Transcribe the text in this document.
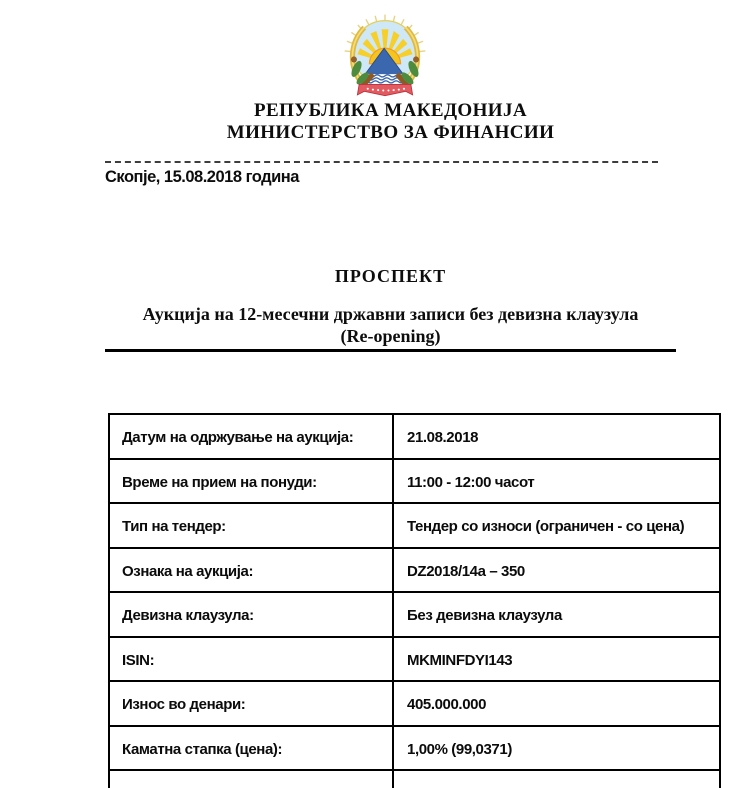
РЕПУБЛИКА МАКЕДОНИЈА
МИНИСТЕРСТВО ЗА ФИНАНСИИ
Скопје, 15.08.2018 година
ПРОСПЕКТ
Аукција на 12-месечни државни записи без девизна клаузула
(Re-opening)
Датум на одржување на аукција:	21.08.2018
Време на прием на понуди:	11:00 - 12:00 часот
Тип на тендер:	Тендер со износи (ограничен - со цена)
Ознака на аукција:	DZ2018/14a – 350
Девизна клаузула:	Без девизна клаузула
ISIN:	MKMINFDYI143
Износ во денари:	405.000.000
Каматна стапка (цена):	1,00% (99,0371)
